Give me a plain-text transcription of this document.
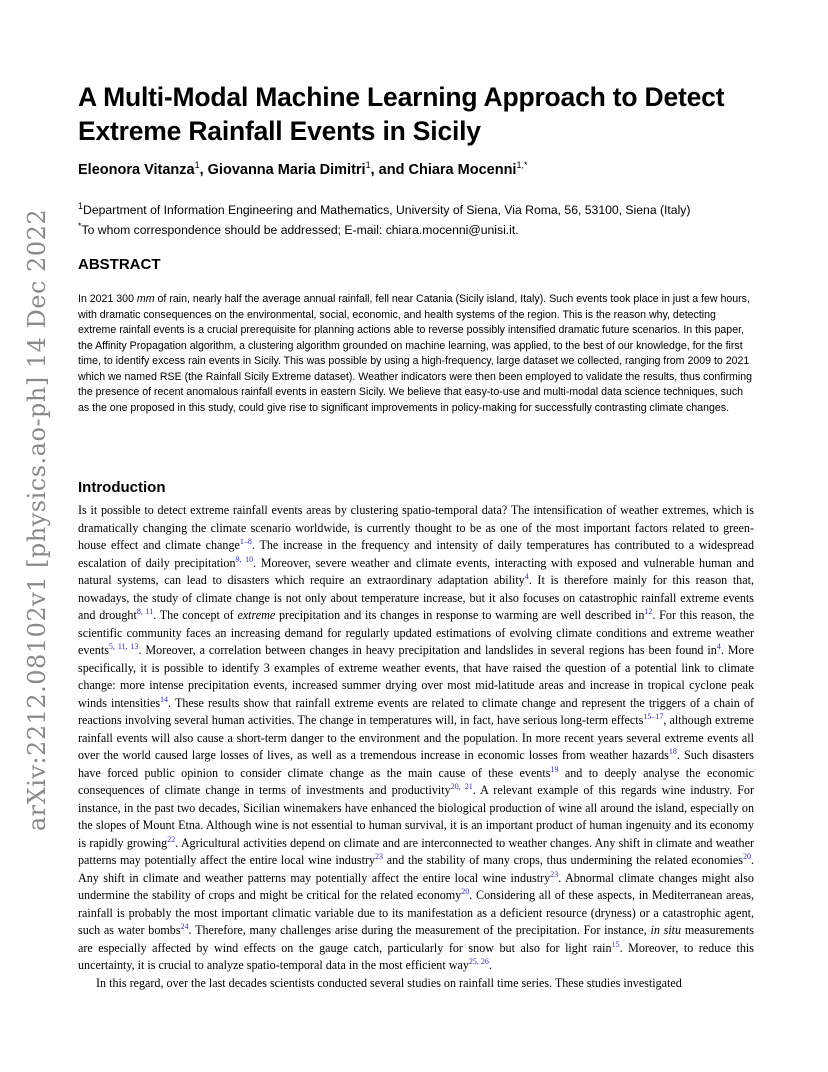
arXiv:2212.08102v1 [physics.ao-ph] 14 Dec 2022
A Multi-Modal Machine Learning Approach to Detect Extreme Rainfall Events in Sicily

Eleonora Vitanza$^1$, Giovanna Maria Dimitri$^1$, and Chiara Mocenni$^{1,*}$

$^1$Department of Information Engineering and Mathematics, University of Siena, Via Roma, 56, 53100, Siena (Italy)
*To whom correspondence should be addressed; E-mail: chiara.mocenni@unisi.it.
ABSTRACT

In 2021 300 mm of rain, nearly half the average annual rainfall, fell near Catania (Sicily island, Italy). Such events took place in just a few hours, with dramatic consequences on the environmental, social, economic, and health systems of the region. This is the reason why, detecting extreme rainfall events is a crucial prerequisite for planning actions able to reverse possibly intensified dramatic future scenarios. In this paper, the Affinity Propagation algorithm, a clustering algorithm grounded on machine learning, was applied, to the best of our knowledge, for the first time, to identify excess rain events in Sicily. This was possible by using a high-frequency, large dataset we collected, ranging from 2009 to 2021 which we named RSE (the Rainfall Sicily Extreme dataset). Weather indicators were then been employed to validate the results, thus confirming the presence of recent anomalous rainfall events in eastern Sicily. We believe that easy-to-use and multi-modal data science techniques, such as the one proposed in this study, could give rise to significant improvements in policy-making for successfully contrasting climate changes.

Introduction

Is it possible to detect extreme rainfall events areas by clustering spatio-temporal data? The intensification of weather extremes, which is dramatically changing the climate scenario worldwide, is currently thought to be as one of the most important factors related to green-house effect and climate change$^{1-8}$. The increase in the frequency and intensity of daily temperatures has contributed to a widespread escalation of daily precipitation$^{9, 10}$. Moreover, severe weather and climate events, interacting with exposed and vulnerable human and natural systems, can lead to disasters which require an extraordinary adaptation ability$^4$. It is therefore mainly for this reason that, nowadays, the study of climate change is not only about temperature increase, but it also focuses on catastrophic rainfall extreme events and drought$^{8, 11}$. The concept of extreme precipitation and its changes in response to warming are well described in$^{12}$. For this reason, the scientific community faces an increasing demand for regularly updated estimations of evolving climate conditions and extreme weather events$^{5, 11, 13}$. Moreover, a correlation between changes in heavy precipitation and landslides in several regions has been found in$^4$. More specifically, it is possible to identify 3 examples of extreme weather events, that have raised the question of a potential link to climate change: more intense precipitation events, increased summer drying over most mid-latitude areas and increase in tropical cyclone peak winds intensities$^{14}$. These results show that rainfall extreme events are related to climate change and represent the triggers of a chain of reactions involving several human activities. The change in temperatures will, in fact, have serious long-term effects$^{15-17}$, although extreme rainfall events will also cause a short-term danger to the environment and the population. In more recent years several extreme events all over the world caused large losses of lives, as well as a tremendous increase in economic losses from weather hazards$^{18}$. Such disasters have forced public opinion to consider climate change as the main cause of these events$^{19}$ and to deeply analyse the economic consequences of climate change in terms of investments and productivity$^{20, 21}$. A relevant example of this regards wine industry. For instance, in the past two decades, Sicilian winemakers have enhanced the biological production of wine all around the island, especially on the slopes of Mount Etna. Although wine is not essential to human survival, it is an important product of human ingenuity and its economy is rapidly growing$^{22}$. Agricultural activities depend on climate and are interconnected to weather changes. Any shift in climate and weather patterns may potentially affect the entire local wine industry$^{23}$ and the stability of many crops, thus undermining the related economies$^{20}$. Any shift in climate and weather patterns may potentially affect the entire local wine industry$^{23}$. Abnormal climate changes might also undermine the stability of crops and might be critical for the related economy$^{20}$. Considering all of these aspects, in Mediterranean areas, rainfall is probably the most important climatic variable due to its manifestation as a deficient resource (dryness) or a catastrophic agent, such as water bombs$^{24}$. Therefore, many challenges arise during the measurement of the precipitation. For instance, in situ measurements are especially affected by wind effects on the gauge catch, particularly for snow but also for light rain$^{15}$. Moreover, to reduce this uncertainty, it is crucial to analyze spatio-temporal data in the most efficient way$^{25, 26}$.

In this regard, over the last decades scientists conducted several studies on rainfall time series. These studies investigated
